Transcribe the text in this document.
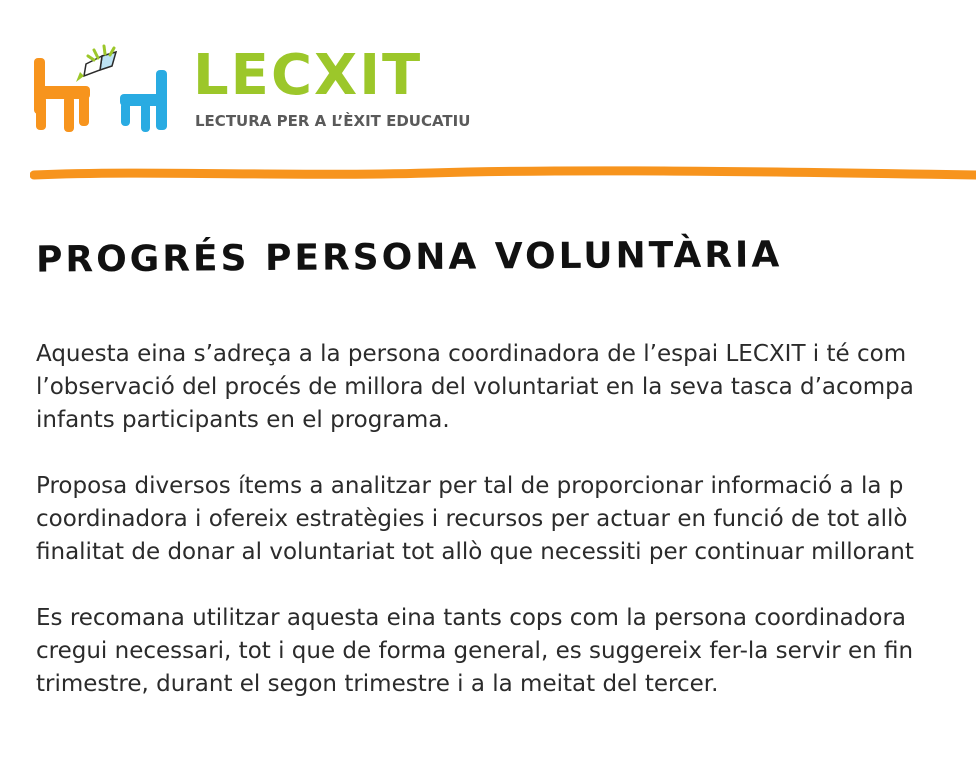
LECXIT
LECTURA PER A L’ÈXIT EDUCATIU
PROGRÉS PERSONA VOLUNTÀRIA

Aquesta eina s’adreça a la persona coordinadora de l’espai LECXIT i té com
l’observació del procés de millora del voluntariat en la seva tasca d’acompa
infants participants en el programa.

Proposa diversos ítems a analitzar per tal de proporcionar informació a la p
coordinadora i ofereix estratègies i recursos per actuar en funció de tot allò
finalitat de donar al voluntariat tot allò que necessiti per continuar millorant

Es recomana utilitzar aquesta eina tants cops com la persona coordinadora
cregui necessari, tot i que de forma general, es suggereix fer-la servir en fin
trimestre, durant el segon trimestre i a la meitat del tercer.
